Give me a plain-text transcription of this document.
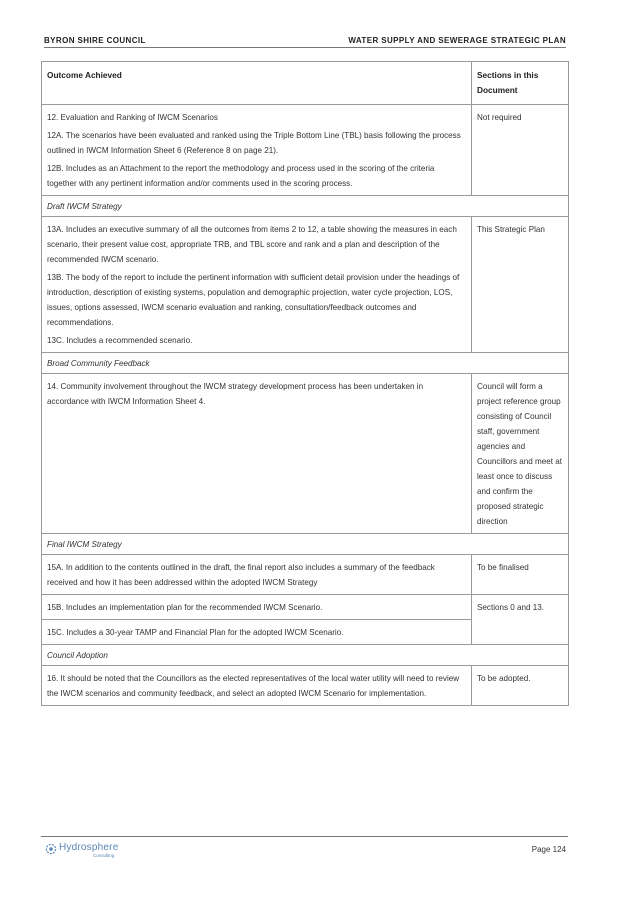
BYRON SHIRE COUNCIL	WATER SUPPLY AND SEWERAGE STRATEGIC PLAN
Outcome Achieved	Sections in this Document

12. Evaluation and Ranking of IWCM Scenarios

12A. The scenarios have been evaluated and ranked using the Triple Bottom Line (TBL) basis following the process outlined in IWCM Information Sheet 6 (Reference 8 on page 21).

12B. Includes as an Attachment to the report the methodology and process used in the scoring of the criteria together with any pertinent information and/or comments used in the scoring process.	Not required
Draft IWCM Strategy	

13A. Includes an executive summary of all the outcomes from items 2 to 12, a table showing the measures in each scenario, their present value cost, appropriate TRB, and TBL score and rank and a plan and description of the recommended IWCM scenario.

13B. The body of the report to include the pertinent information with sufficient detail provision under the headings of introduction, description of existing systems, population and demographic projection, water cycle projection, LOS, issues, options assessed, IWCM scenario evaluation and ranking, consultation/feedback outcomes and recommendations.

13C. Includes a recommended scenario.	This Strategic Plan
Broad Community Feedback	

14. Community involvement throughout the IWCM strategy development process has been undertaken in accordance with IWCM Information Sheet 4.	Council will form a project reference group consisting of Council staff, government agencies and Councillors and meet at least once to discuss and confirm the proposed strategic direction
Final IWCM Strategy	

15A. In addition to the contents outlined in the draft, the final report also includes a summary of the feedback received and how it has been addressed within the adopted IWCM Strategy	To be finalised

15B. Includes an implementation plan for the recommended IWCM Scenario.	Sections 0 and 13.

15C. Includes a 30-year TAMP and Financial Plan for the adopted IWCM Scenario.	

Council Adoption	

16. It should be noted that the Councillors as the elected representatives of the local water utility will need to review the IWCM scenarios and community feedback, and select an adopted IWCM Scenario for implementation.	To be adopted.
Hydrosphere
Consulting
Page 124
